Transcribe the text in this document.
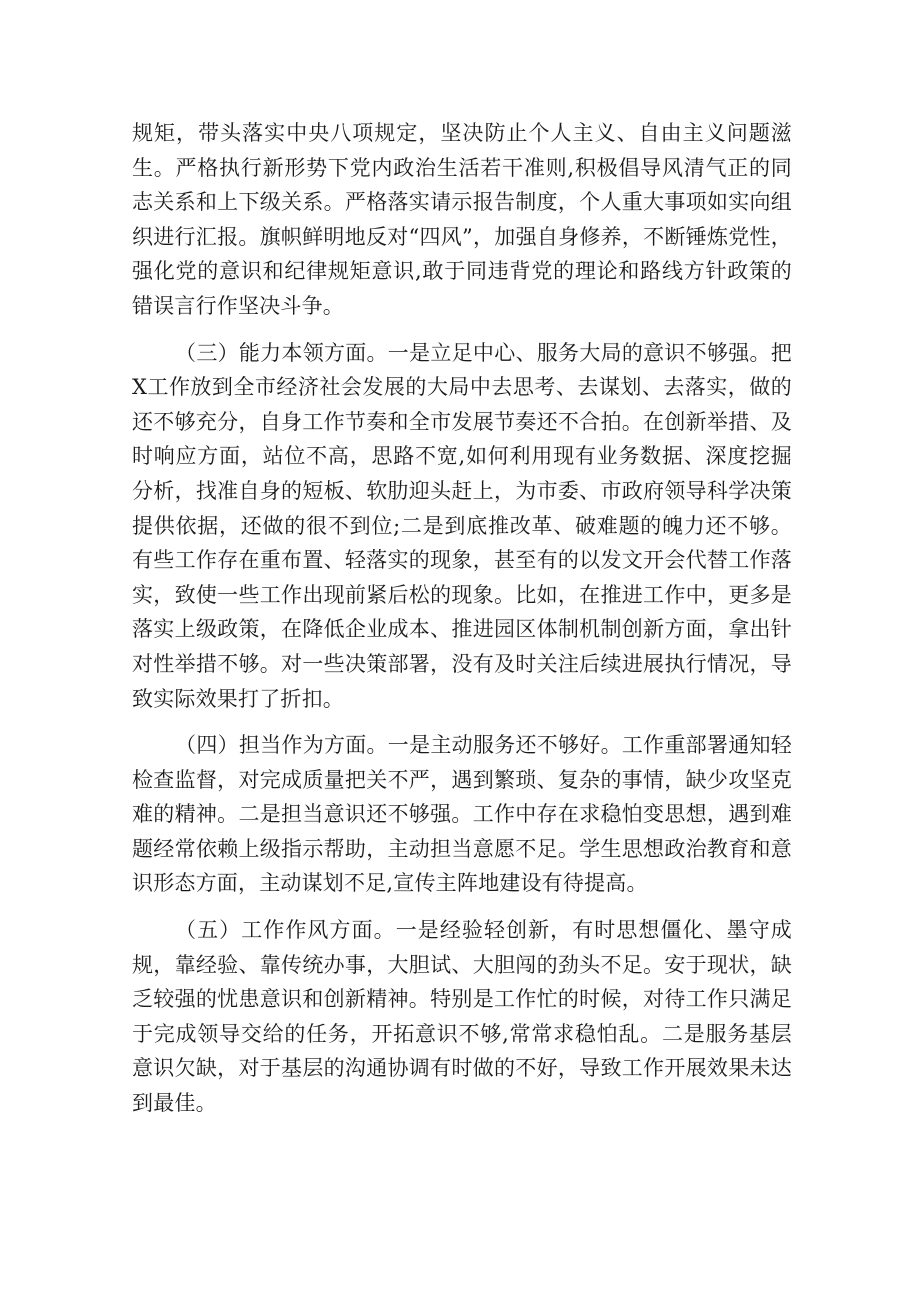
规矩，带头落实中央八项规定，坚决防止个人主义、自由主义问题滋生。严格执行新形势下党内政治生活若干准则,积极倡导风清气正的同志关系和上下级关系。严格落实请示报告制度，个人重大事项如实向组织进行汇报。旗帜鲜明地反对“四风”，加强自身修养，不断锤炼党性，强化党的意识和纪律规矩意识,敢于同违背党的理论和路线方针政策的错误言行作坚决斗争。

（三）能力本领方面。一是立足中心、服务大局的意识不够强。把X工作放到全市经济社会发展的大局中去思考、去谋划、去落实，做的还不够充分，自身工作节奏和全市发展节奏还不合拍。在创新举措、及时响应方面，站位不高，思路不宽,如何利用现有业务数据、深度挖掘分析，找准自身的短板、软肋迎头赶上，为市委、市政府领导科学决策提供依据，还做的很不到位;二是到底推改革、破难题的魄力还不够。有些工作存在重布置、轻落实的现象，甚至有的以发文开会代替工作落实，致使一些工作出现前紧后松的现象。比如，在推进工作中，更多是落实上级政策，在降低企业成本、推进园区体制机制创新方面，拿出针对性举措不够。对一些决策部署，没有及时关注后续进展执行情况，导致实际效果打了折扣。

（四）担当作为方面。一是主动服务还不够好。工作重部署通知轻检查监督，对完成质量把关不严，遇到繁琐、复杂的事情，缺少攻坚克难的精神。二是担当意识还不够强。工作中存在求稳怕变思想，遇到难题经常依赖上级指示帮助，主动担当意愿不足。学生思想政治教育和意识形态方面，主动谋划不足,宣传主阵地建设有待提高。

（五）工作作风方面。一是经验轻创新，有时思想僵化、墨守成规，靠经验、靠传统办事，大胆试、大胆闯的劲头不足。安于现状，缺乏较强的忧患意识和创新精神。特别是工作忙的时候，对待工作只满足于完成领导交给的任务，开拓意识不够,常常求稳怕乱。二是服务基层意识欠缺，对于基层的沟通协调有时做的不好，导致工作开展效果未达到最佳。
